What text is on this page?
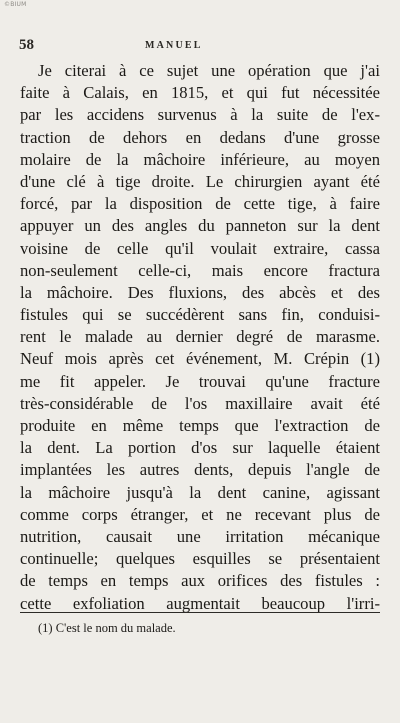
©BIUM
58	MANUEL
Je citerai à ce sujet une opération que j'ai
faite à Calais, en 1815, et qui fut nécessitée
par les accidens survenus à la suite de l'ex-
traction de dehors en dedans d'une grosse
molaire de la mâchoire inférieure, au moyen
d'une clé à tige droite. Le chirurgien ayant été
forcé, par la disposition de cette tige, à faire
appuyer un des angles du panneton sur la dent
voisine de celle qu'il voulait extraire, cassa
non-seulement celle-ci, mais encore fractura
la mâchoire. Des fluxions, des abcès et des
fistules qui se succédèrent sans fin, conduisi-
rent le malade au dernier degré de marasme.
Neuf mois après cet événement, M. Crépin (1)
me fit appeler. Je trouvai qu'une fracture
très-considérable de l'os maxillaire avait été
produite en même temps que l'extraction de
la dent. La portion d'os sur laquelle étaient
implantées les autres dents, depuis l'angle de
la mâchoire jusqu'à la dent canine, agissant
comme corps étranger, et ne recevant plus de
nutrition, causait une irritation mécanique
continuelle; quelques esquilles se présentaient
de temps en temps aux orifices des fistules :
cette exfoliation augmentait beaucoup l'irri-
(1) C'est le nom du malade.
